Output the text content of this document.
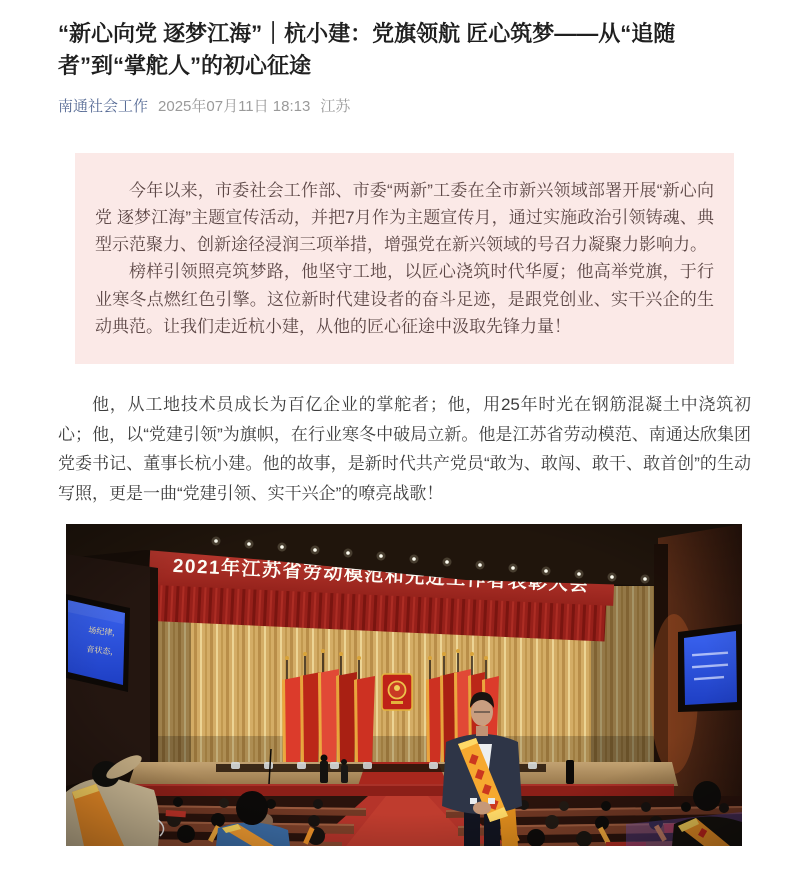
“新心向党 逐梦江海”｜杭小建：党旗领航 匠心筑梦——从“追随者”到“掌舵人”的初心征途
南通社会工作 2025年07月11日 18:13 江苏

今年以来，市委社会工作部、市委“两新”工委在全市新兴领域部署开展“新心向党 逐梦江海”主题宣传活动，并把7月作为主题宣传月，通过实施政治引领铸魂、典型示范聚力、创新途径浸润三项举措，增强党在新兴领域的号召力凝聚力影响力。

榜样引领照亮筑梦路，他坚守工地，以匠心浇筑时代华厦；他高举党旗，于行业寒冬点燃红色引擎。这位新时代建设者的奋斗足迹，是跟党创业、实干兴企的生动典范。让我们走近杭小建，从他的匠心征途中汲取先锋力量！

他，从工地技术员成长为百亿企业的掌舵者；他，用25年时光在钢筋混凝土中浇筑初心；他，以“党建引领”为旗帜，在行业寒冬中破局立新。他是江苏省劳动模范、南通达欣集团党委书记、董事长杭小建。他的故事，是新时代共产党员“敢为、敢闯、敢干、敢首创”的生动写照，更是一曲“党建引领、实干兴企”的嘹亮战歌！
